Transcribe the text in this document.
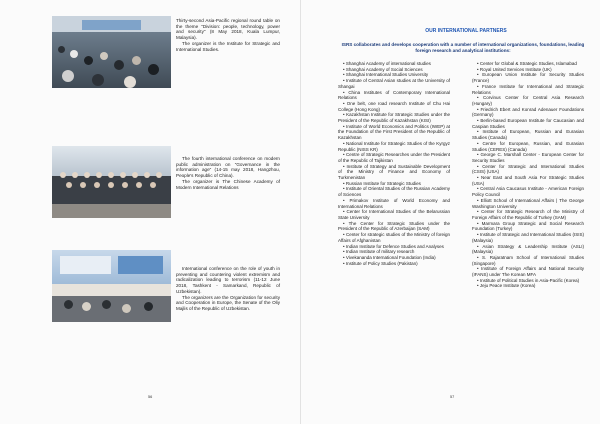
Thirty-second Asia-Pacific regional round table on the theme "Division: people, technology, power and security" (8 May 2018, Kuala Lumpur, Malaysia).

The organizer is the Institute for Strategic and International Studies.

The fourth international conference on modern public administration on "Governance in the information age" (14-15 may 2018, Hangzhou, People's Republic of China).

The organizer is The Chinese Academy of Modern International Relations

International conference on the role of youth in preventing and countering violent extremism and radicalization leading to terrorism (11-12 June 2018, Tashkent - Samarkand, Republic of Uzbekistan).

The organizers are the Organization for security and Cooperation in Europe, the Senate of the Oliy Majlis of the Republic of Uzbekistan.

56
OUR INTERNATIONAL PARTNERS
ISRS collaborates and develops cooperation with a number of international organizations, foundations, leading foreign research and analytical institutions:

• Shanghai Academy of international studies

• Shanghai Academy of Social Sciences

• Shanghai International Studies University

• Institute of Central Asian studies at the University of Shangai

• China Institutes of Contemporary International Relations

• One belt, one road research Institute of Chu Hai College (Hong Kong)

• Kazakhstan Institute for Strategic Studies under the President of the Republic of Kazakhstan (KISI)

• Institute of World Economics and Politics (IWEP) at the Foundation of the First President of the Republic of Kazakhstan

• National Institute for Strategic Studies of the Kyrgyz Republic (NISS KR)

• Centre of Strategic Researches under the President of the Republic of Tajikistan

• Institute of Strategy and Sustainable Development of the Ministry of Finance and Economy of Turkmenistan

• Russian Institute for Strategic Studies

• Institute of Oriental Studies of the Russian Academy of Sciences

• Primakov Institute of World Economy and International Relations

• Center for International Studies of the Belarussian State University

• The Center for Strategic Studies under the President of the Republic of Azerbaijan (SAM)

• Center for strategic studies of the Ministry of foreign Affairs of Afghanistan

• Indian Institute for Defence Studies and Analyses

• Indian Institute of military research

• Vivekananda International Foundation (India)

• Institute of Policy Studies (Pakistan)

• Center for Global & Strategic Studies, Islamabad

• Royal United Services Institute (UK)

• European Union Institute for Security Studies (France)

• France Institute for International and Strategic Relations

• Corvinus Center for Central Asia Research (Hungary)

• Friedrich Ebert and Konrad Adenauer Foundations (Germany)

• Berlin-based European Institute for Caucasian and Caspian Studies

• Institute of European, Russian and Eurasian Studies (Canada)

• Centre for European, Russian, and Eurasian Studies (CERES) (Canada)

• George C. Marshall Center - European Center for Security Studies

• Center for Strategic and International Studies (CSIS) (USA)

• Near East and South Asia For Strategic Studies (USA)

• Central Asia Caucasus Institute - American Foreign Policy Council

• Elliott School of International Affairs | The George Washington University

• Center for Strategic Research of the Ministry of Foreign Affairs of the Republic of Turkey (SAM)

• Marmara Group Strategic and Social Research Foundation (Turkey)

• Institute of Strategic and International Studies (ISIS) (Malaysia)

• Asian Strategy & Leadership Institute (ASLI) (Malaysia)

• S. Rajaratnam School of International Studies (Singapore)

• Institute of Foreign Affairs and National Security (IFANS) under The Korean MFA

• Institute of Political Studies in Asia-Pacific (Korea)

• Jeju Peace Institute (Korea)

57
